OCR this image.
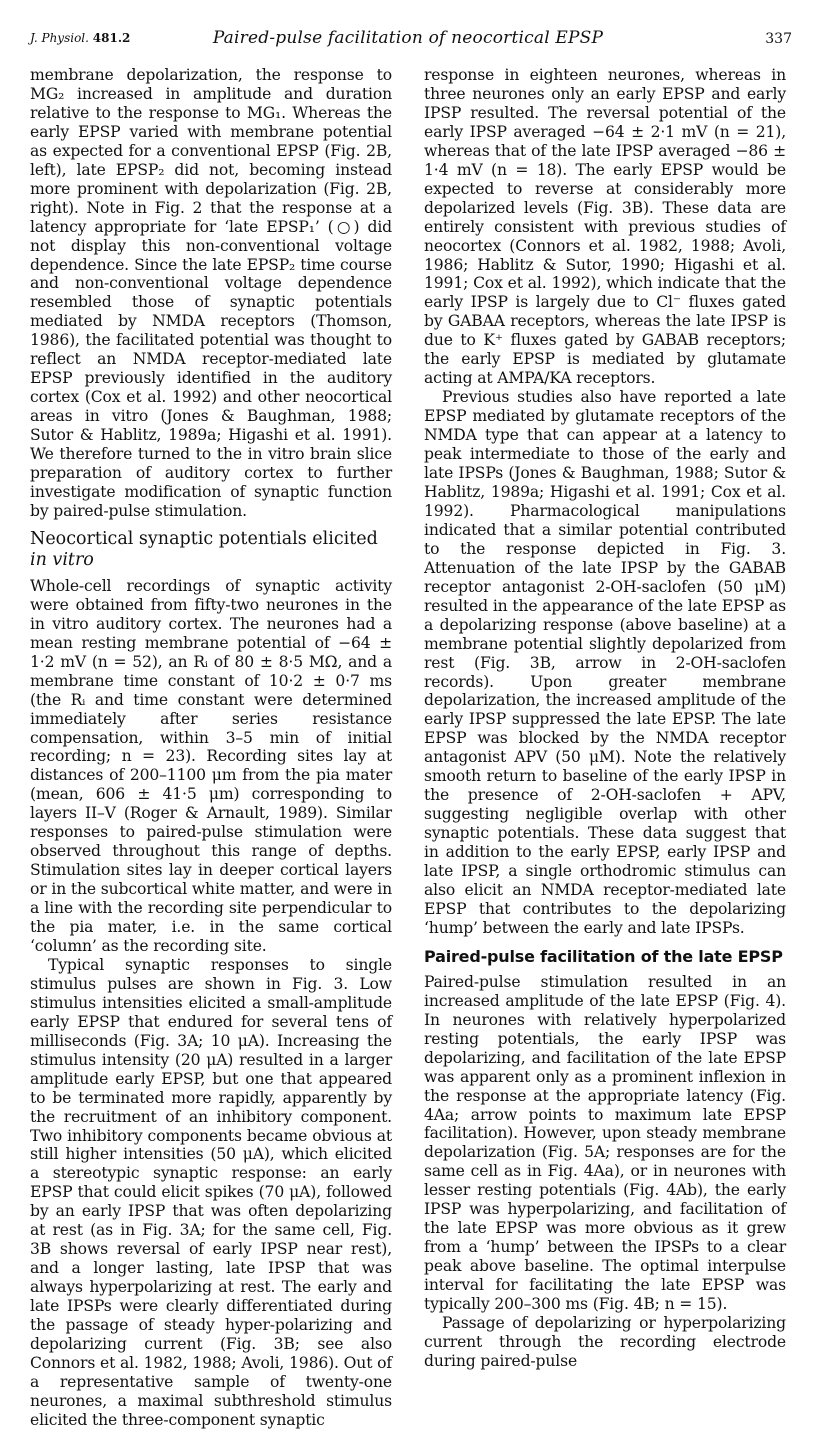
J. Physiol. 481.2	Paired-pulse facilitation of neocortical EPSP	337

membrane depolarization, the response to MG₂ increased in amplitude and duration relative to the response to MG₁. Whereas the early EPSP varied with membrane potential as expected for a conventional EPSP (Fig. 2B, left), late EPSP₂ did not, becoming instead more prominent with depolarization (Fig. 2B, right). Note in Fig. 2 that the response at a latency appropriate for ‘late EPSP₁’ (○) did not display this non-conventional voltage dependence. Since the late EPSP₂ time course and non-conventional voltage dependence resembled those of synaptic potentials mediated by NMDA receptors (Thomson, 1986), the facilitated potential was thought to reflect an NMDA receptor-mediated late EPSP previously identified in the auditory cortex (Cox et al. 1992) and other neocortical areas in vitro (Jones & Baughman, 1988; Sutor & Hablitz, 1989a; Higashi et al. 1991). We therefore turned to the in vitro brain slice preparation of auditory cortex to further investigate modification of synaptic function by paired-pulse stimulation.

Neocortical synaptic potentials elicited in vitro

Whole-cell recordings of synaptic activity were obtained from fifty-two neurones in the in vitro auditory cortex. The neurones had a mean resting membrane potential of −64 ± 1·2 mV (n = 52), an Rᵢ of 80 ± 8·5 MΩ, and a membrane time constant of 10·2 ± 0·7 ms (the Rᵢ and time constant were determined immediately after series resistance compensation, within 3–5 min of initial recording; n = 23). Recording sites lay at distances of 200–1100 μm from the pia mater (mean, 606 ± 41·5 μm) corresponding to layers II–V (Roger & Arnault, 1989). Similar responses to paired-pulse stimulation were observed throughout this range of depths. Stimulation sites lay in deeper cortical layers or in the subcortical white matter, and were in a line with the recording site perpendicular to the pia mater, i.e. in the same cortical ‘column’ as the recording site.

Typical synaptic responses to single stimulus pulses are shown in Fig. 3. Low stimulus intensities elicited a small-amplitude early EPSP that endured for several tens of milliseconds (Fig. 3A; 10 μA). Increasing the stimulus intensity (20 μA) resulted in a larger amplitude early EPSP, but one that appeared to be terminated more rapidly, apparently by the recruitment of an inhibitory component. Two inhibitory components became obvious at still higher intensities (50 μA), which elicited a stereotypic synaptic response: an early EPSP that could elicit spikes (70 μA), followed by an early IPSP that was often depolarizing at rest (as in Fig. 3A; for the same cell, Fig. 3B shows reversal of early IPSP near rest), and a longer lasting, late IPSP that was always hyperpolarizing at rest. The early and late IPSPs were clearly differentiated during the passage of steady hyper-polarizing and depolarizing current (Fig. 3B; see also Connors et al. 1982, 1988; Avoli, 1986). Out of a representative sample of twenty-one neurones, a maximal subthreshold stimulus elicited the three-component synaptic

response in eighteen neurones, whereas in three neurones only an early EPSP and early IPSP resulted. The reversal potential of the early IPSP averaged −64 ± 2·1 mV (n = 21), whereas that of the late IPSP averaged −86 ± 1·4 mV (n = 18). The early EPSP would be expected to reverse at considerably more depolarized levels (Fig. 3B). These data are entirely consistent with previous studies of neocortex (Connors et al. 1982, 1988; Avoli, 1986; Hablitz & Sutor, 1990; Higashi et al. 1991; Cox et al. 1992), which indicate that the early IPSP is largely due to Cl⁻ fluxes gated by GABAA receptors, whereas the late IPSP is due to K⁺ fluxes gated by GABAB receptors; the early EPSP is mediated by glutamate acting at AMPA/KA receptors.

Previous studies also have reported a late EPSP mediated by glutamate receptors of the NMDA type that can appear at a latency to peak intermediate to those of the early and late IPSPs (Jones & Baughman, 1988; Sutor & Hablitz, 1989a; Higashi et al. 1991; Cox et al. 1992). Pharmacological manipulations indicated that a similar potential contributed to the response depicted in Fig. 3. Attenuation of the late IPSP by the GABAB receptor antagonist 2-OH-saclofen (50 μM) resulted in the appearance of the late EPSP as a depolarizing response (above baseline) at a membrane potential slightly depolarized from rest (Fig. 3B, arrow in 2-OH-saclofen records). Upon greater membrane depolarization, the increased amplitude of the early IPSP suppressed the late EPSP. The late EPSP was blocked by the NMDA receptor antagonist APV (50 μM). Note the relatively smooth return to baseline of the early IPSP in the presence of 2-OH-saclofen + APV, suggesting negligible overlap with other synaptic potentials. These data suggest that in addition to the early EPSP, early IPSP and late IPSP, a single orthodromic stimulus can also elicit an NMDA receptor-mediated late EPSP that contributes to the depolarizing ‘hump’ between the early and late IPSPs.

Paired-pulse facilitation of the late EPSP

Paired-pulse stimulation resulted in an increased amplitude of the late EPSP (Fig. 4). In neurones with relatively hyperpolarized resting potentials, the early IPSP was depolarizing, and facilitation of the late EPSP was apparent only as a prominent inflexion in the response at the appropriate latency (Fig. 4Aa; arrow points to maximum late EPSP facilitation). However, upon steady membrane depolarization (Fig. 5A; responses are for the same cell as in Fig. 4Aa), or in neurones with lesser resting potentials (Fig. 4Ab), the early IPSP was hyperpolarizing, and facilitation of the late EPSP was more obvious as it grew from a ‘hump’ between the IPSPs to a clear peak above baseline. The optimal interpulse interval for facilitating the late EPSP was typically 200–300 ms (Fig. 4B; n = 15).

Passage of depolarizing or hyperpolarizing current through the recording electrode during paired-pulse
